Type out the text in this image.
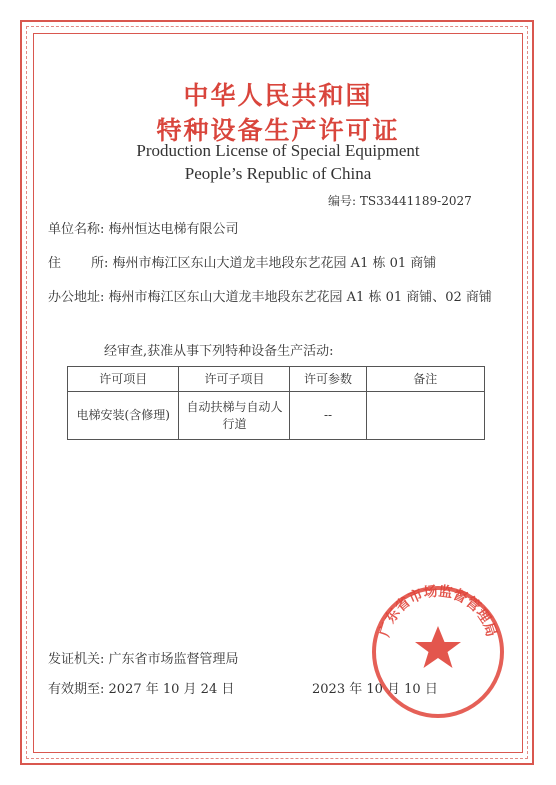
中华人民共和国
特种设备生产许可证
Production License of Special Equipment
People’s Republic of China
编号: TS33441189-2027
单位名称: 梅州恒达电梯有限公司
住 所: 梅州市梅江区东山大道龙丰地段东艺花园 A1 栋 01 商铺
办公地址: 梅州市梅江区东山大道龙丰地段东艺花园 A1 栋 01 商铺、02 商铺
经审查,获准从事下列特种设备生产活动:
许可项目	许可子项目	许可参数	备注
电梯安装(含修理)	自动扶梯与自动人行道	--	
发证机关: 广东省市场监督管理局
有效期至: 2027 年 10 月 24 日	2023 年 10 月 10 日
广东省市场监督管理局
